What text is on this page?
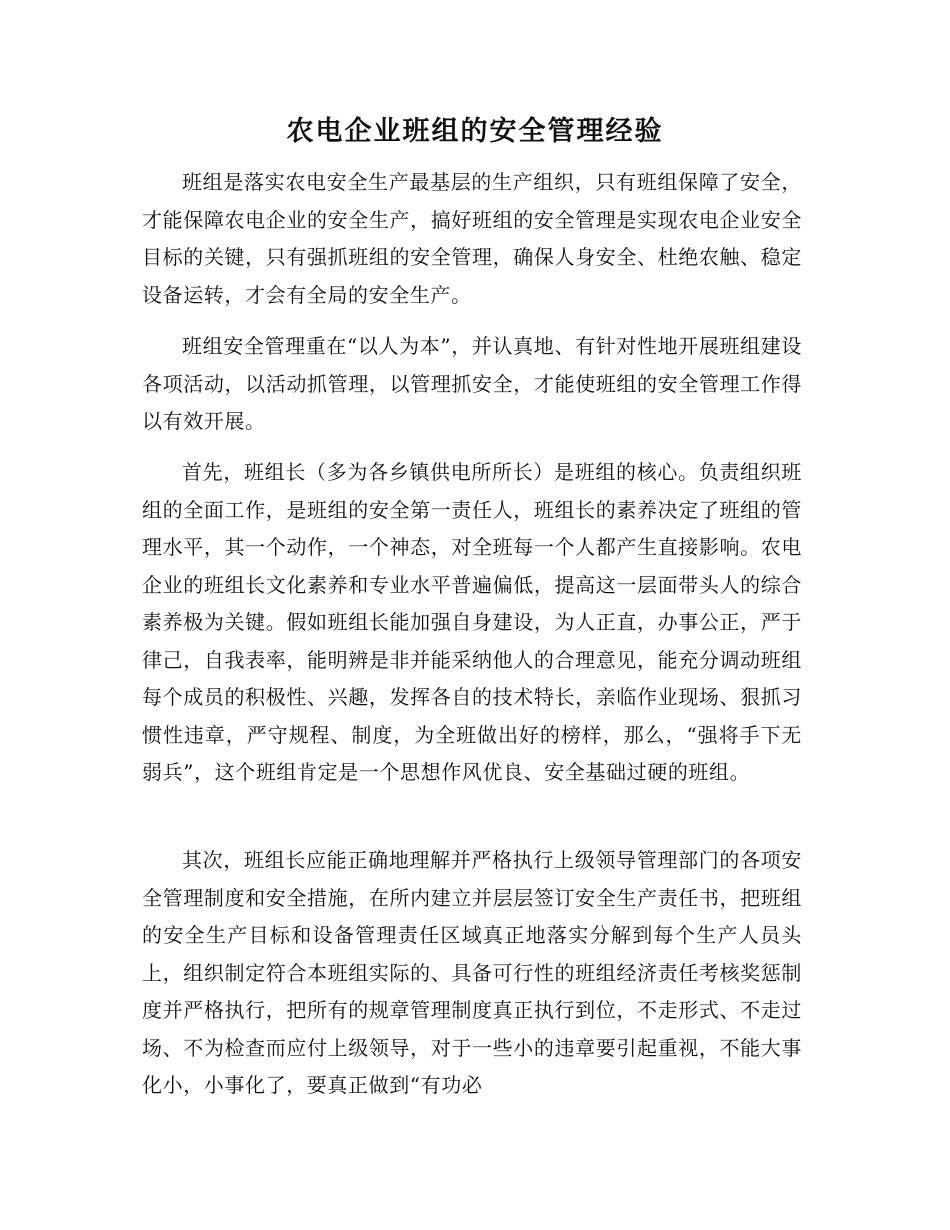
农电企业班组的安全管理经验

班组是落实农电安全生产最基层的生产组织，只有班组保障了安全，才能保障农电企业的安全生产，搞好班组的安全管理是实现农电企业安全目标的关键，只有强抓班组的安全管理，确保人身安全、杜绝农触、稳定设备运转，才会有全局的安全生产。

班组安全管理重在“以人为本”，并认真地、有针对性地开展班组建设各项活动，以活动抓管理，以管理抓安全，才能使班组的安全管理工作得以有效开展。

首先，班组长（多为各乡镇供电所所长）是班组的核心。负责组织班组的全面工作，是班组的安全第一责任人，班组长的素养决定了班组的管理水平，其一个动作，一个神态，对全班每一个人都产生直接影响。农电企业的班组长文化素养和专业水平普遍偏低，提高这一层面带头人的综合素养极为关键。假如班组长能加强自身建设，为人正直，办事公正，严于律己，自我表率，能明辨是非并能采纳他人的合理意见，能充分调动班组每个成员的积极性、兴趣，发挥各自的技术特长，亲临作业现场、狠抓习惯性违章，严守规程、制度，为全班做出好的榜样，那么，“强将手下无弱兵”，这个班组肯定是一个思想作风优良、安全基础过硬的班组。

其次，班组长应能正确地理解并严格执行上级领导管理部门的各项安全管理制度和安全措施，在所内建立并层层签订安全生产责任书，把班组的安全生产目标和设备管理责任区域真正地落实分解到每个生产人员头上，组织制定符合本班组实际的、具备可行性的班组经济责任考核奖惩制度并严格执行，把所有的规章管理制度真正执行到位，不走形式、不走过场、不为检查而应付上级领导，对于一些小的违章要引起重视，不能大事化小，小事化了，要真正做到“有功必
